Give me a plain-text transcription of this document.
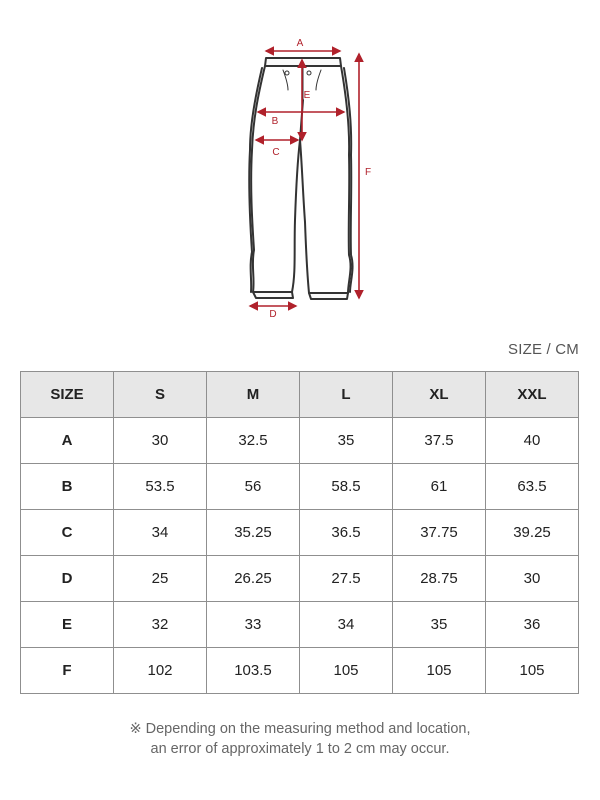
A
B
C
D
E
F
SIZE / CM
SIZE	S	M	L	XL	XXL
A	30	32.5	35	37.5	40
B	53.5	56	58.5	61	63.5
C	34	35.25	36.5	37.75	39.25
D	25	26.25	27.5	28.75	30
E	32	33	34	35	36
F	102	103.5	105	105	105
※ Depending on the measuring method and location,
an error of approximately 1 to 2 cm may occur.
